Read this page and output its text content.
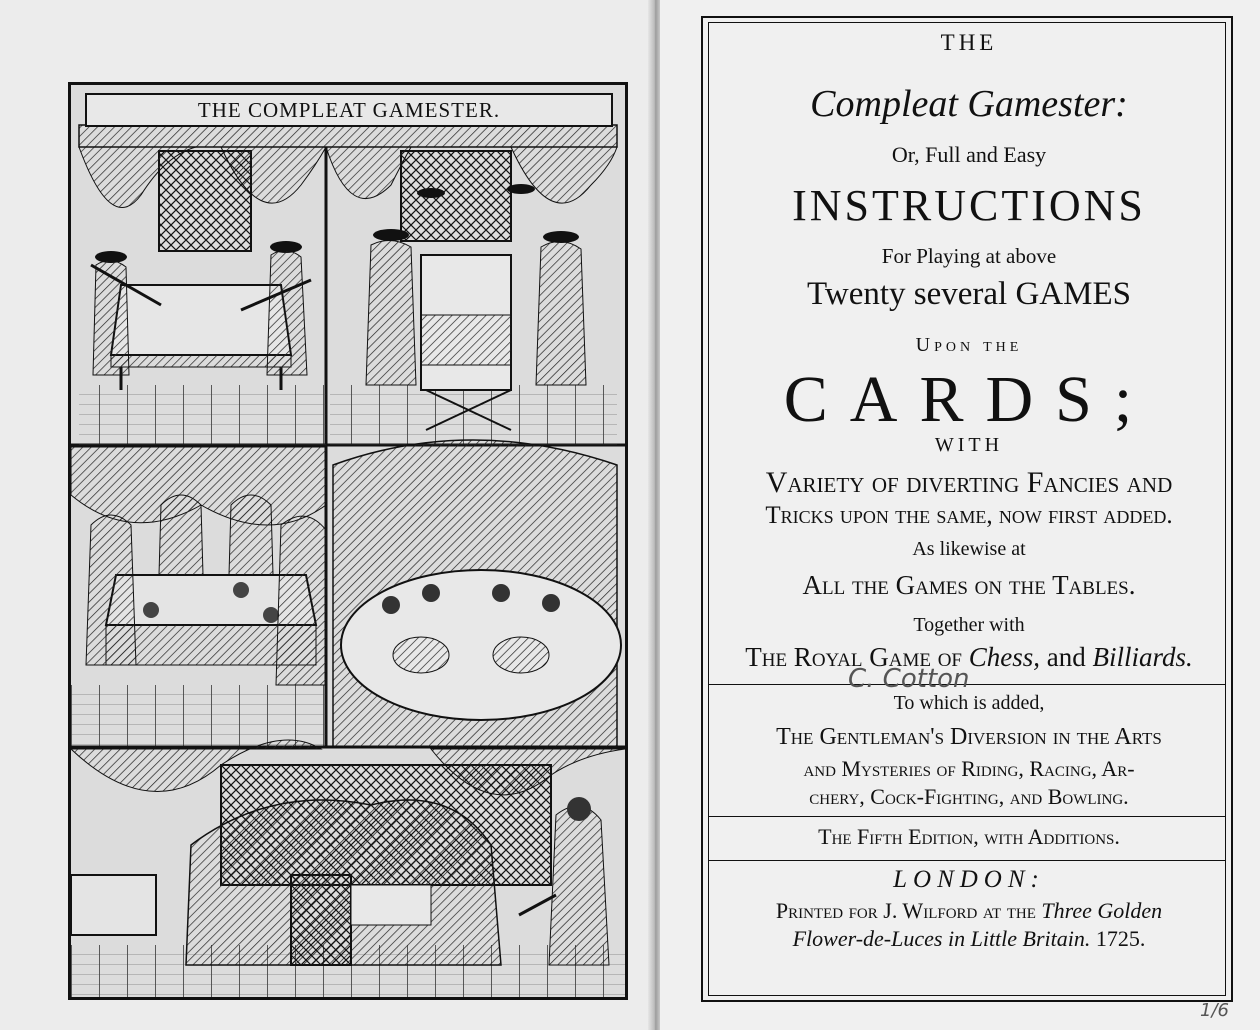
THE COMPLEAT GAMESTER.
THE
Compleat Gamester:
Or, Full and Easy
INSTRUCTIONS
For Playing at above
Twenty several GAMES
Upon the
CARDS;
WITH
Variety of diverting Fancies and
Tricks upon the same, now first added.
As likewise at
All the Games on the Tables.
Together with
The Royal Game of Chess, and Billiards.
C. Cotton
To which is added,
The Gentleman's Diversion in the Arts
and Mysteries of Riding, Racing, Ar-
chery, Cock-Fighting, and Bowling.
The Fifth Edition, with Additions.
LONDON:
Printed for J. Wilford at the Three Golden
Flower-de-Luces in Little Britain. 1725.
1/6
